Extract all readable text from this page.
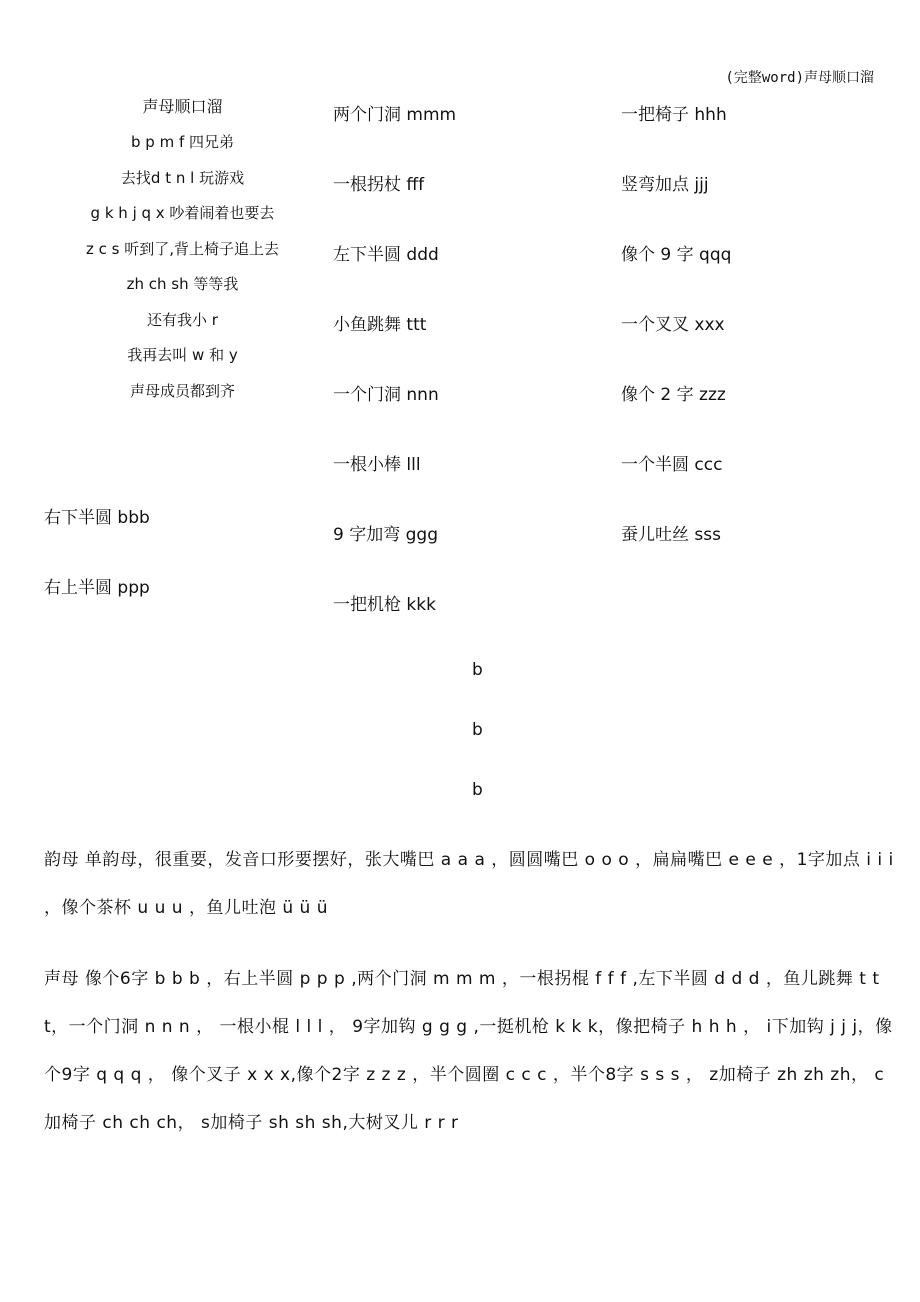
(完整word)声母顺口溜
声母顺口溜
b p m f 四兄弟
去找d t n l 玩游戏
g k h j q x 吵着闹着也要去
z c s 听到了,背上椅子追上去
zh ch sh 等等我
还有我小 r
我再去叫 w 和 y
声母成员都到齐
右下半圆 bbb
右上半圆 ppp
两个门洞 mmm
一根拐杖 fff
左下半圆 ddd
小鱼跳舞 ttt
一个门洞 nnn
一根小棒 lll
9 字加弯 ggg
一把机枪 kkk
一把椅子 hhh
竖弯加点 jjj
像个 9 字 qqq
一个叉叉 xxx
像个 2 字 zzz
一个半圆 ccc
蚕儿吐丝 sss
b
b
b
韵母 单韵母，很重要，发音口形要摆好，张大嘴巴 a a a ，圆圆嘴巴 o o o ，扁扁嘴巴 e e e ，1字加点 i i i ，像个茶杯 u u u ，鱼儿吐泡 ü ü ü
声母 像个6字 b b b ，右上半圆 p p p ,两个门洞 m m m ，一根拐棍 f f f ,左下半圆 d d d ，鱼儿跳舞 t t t，一个门洞 n n n ， 一根小棍 l l l ， 9字加钩 g g g ,一挺机枪 k k k，像把椅子 h h h ， i下加钩 j j j，像个9字 q q q ， 像个叉子 x x x,像个2字 z z z ，半个圆圈 c c c ，半个8字 s s s ， z加椅子 zh zh zh， c加椅子 ch ch ch， s加椅子 sh sh sh,大树叉儿 r r r
